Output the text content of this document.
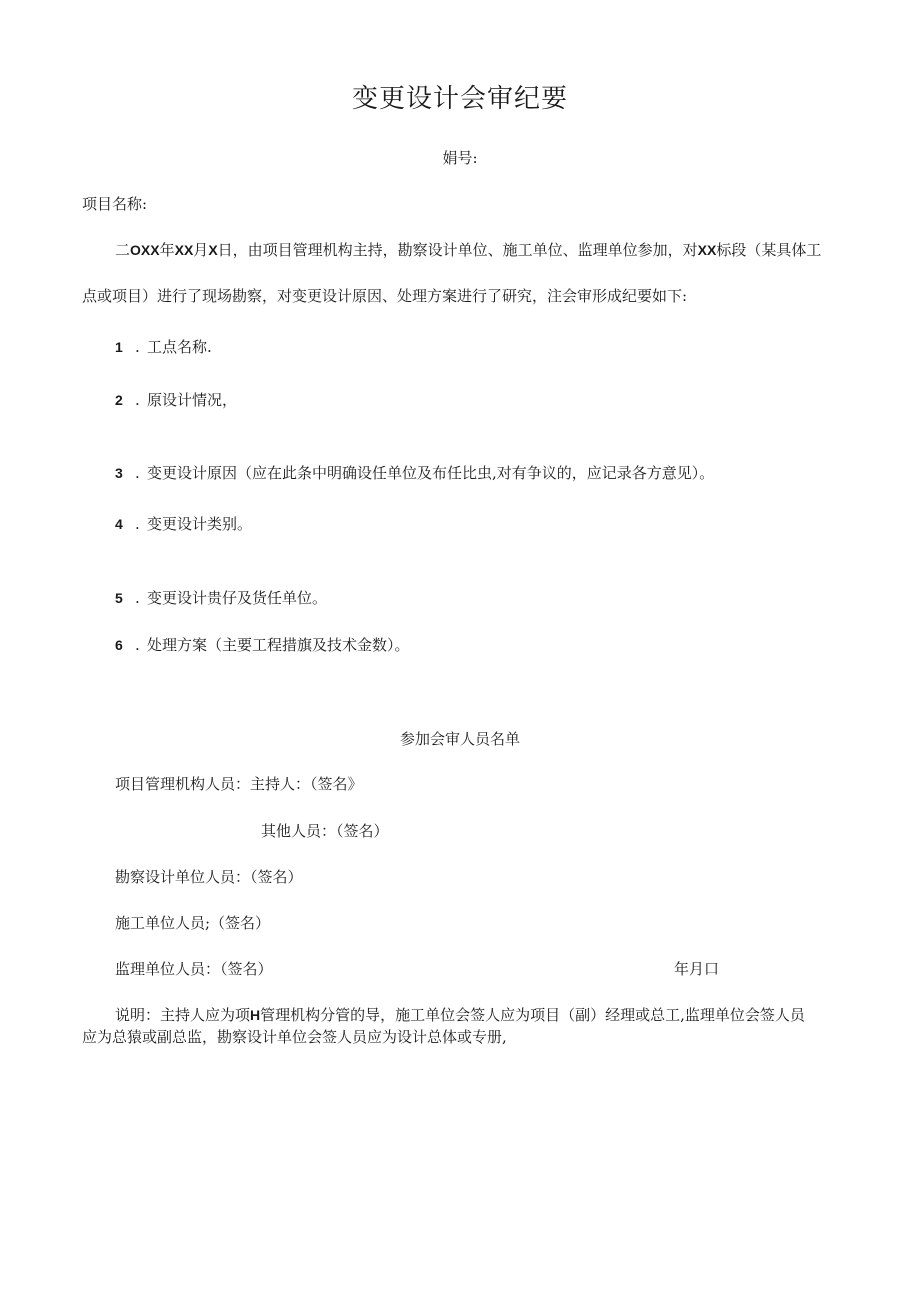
变更设计会审纪要
娟号:
项目名称:
二OXX年XX月X日，由项目管理机构主持，勘察设计单位、施工单位、监理单位参加，对XX标段（某具体工
点或项目）进行了现场勘察，对变更设计原因、处理方案进行了研究，注会审形成纪要如下:
1 . 工点名称.
2 . 原设计情况，
3 . 变更设计原因（应在此条中明确设任单位及布任比虫,对有争议的，应记录各方意见）。
4 . 变更设计类别。
5 . 变更设计贵仔及货任单位。
6 . 处理方案（主要工程措旗及技术金数）。
参加会审人员名单
项目管理机构人员：主持人：（签名》
其他人员：（签名）
勘察设计单位人员：（签名）
施工单位人员;（签名）
监理单位人员：（签名）	年月口
说明：主持人应为项H管理机构分管的导，施工单位会签人应为项目（副）经理或总工,监理单位会签人员
应为总猿或副总监，勘察设计单位会签人员应为设计总体或专册,
